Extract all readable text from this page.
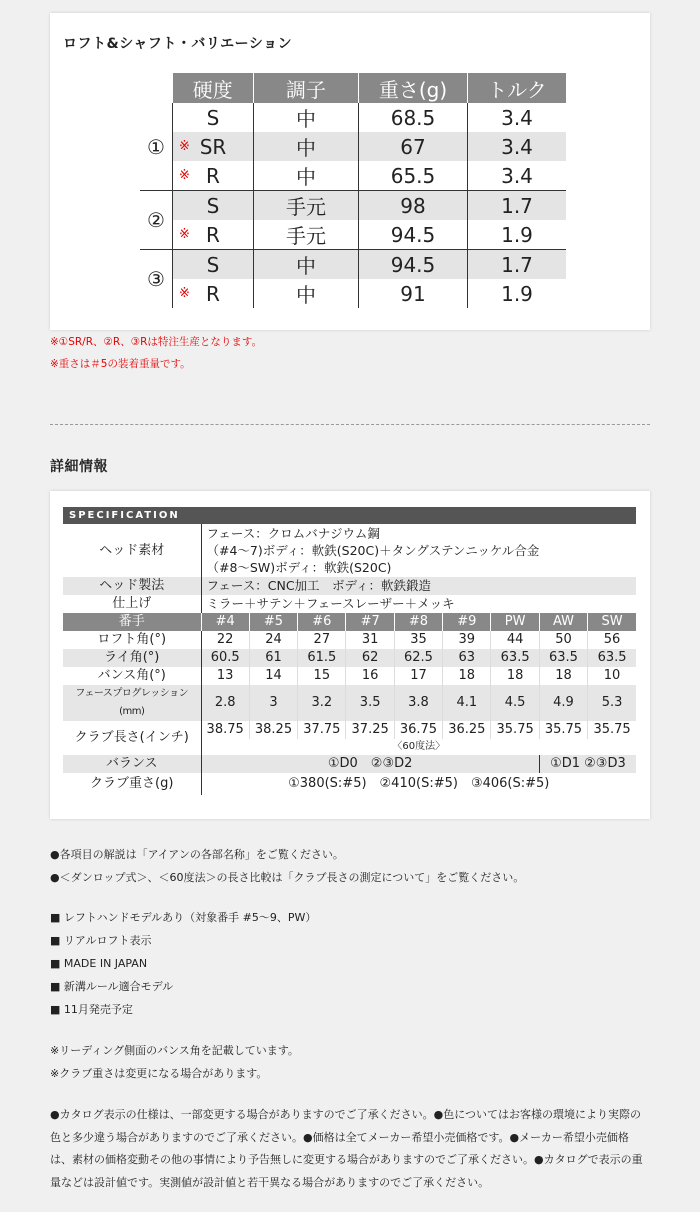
ロフト&シャフト・バリエーション
	硬度	調子	重さ(g)	トルク
①	S	中	68.5	3.4

	※ SR	中	67	3.4

	※ R	中	65.5	3.4
②	S	手元	98	1.7

	※ R	手元	94.5	1.9
③	S	中	94.5	1.7

	※ R	中	91	1.9
※①SR/R、②R、③Rは特注生産となります。
※重さは＃5の装着重量です。
詳細情報
SPECIFICATION
ヘッド素材	フェース：クロムバナジウム鋼
（#4～7)ボディ：軟鉄(S20C)＋タングステンニッケル合金
（#8～SW)ボディ：軟鉄(S20C)								

ヘッド製法	フェース：CNC加工　ボディ：軟鉄鍛造								
仕上げ	ミラー＋サテン＋フェースレーザー＋メッキ								
番手	#4	#5	#6	#7	#8	#9	PW	AW	SW
ロフト角(°)	22	24	27	31	35	39	44	50	56
ライ角(°)	60.5	61	61.5	62	62.5	63	63.5	63.5	63.5
バンス角(°)	13	14	15	16	17	18	18	18	10
フェースプログレッション(mm)	2.8	3	3.2	3.5	3.8	4.1	4.5	4.9	5.3
クラブ長さ(インチ)	38.75	38.25	37.75	37.25	36.75	36.25	35.75	35.75	35.75
	〈60度法〉								
バランス	①D0　②③D2							①D1 ②③D3	
クラブ重さ(g)	①380(S:#5)　②410(S:#5)　③406(S:#5)								
●各項目の解説は「アイアンの各部名称」をご覧ください。
●＜ダンロップ式＞、＜60度法＞の長さ比較は「クラブ長さの測定について」をご覧ください。
■ レフトハンドモデルあり（対象番手 #5～9、PW）
■ リアルロフト表示
■ MADE IN JAPAN
■ 新溝ルール適合モデル
■ 11月発売予定
※リーディング側面のバンス角を記載しています。
※クラブ重さは変更になる場合があります。
●カタログ表示の仕様は、一部変更する場合がありますのでご了承ください。●色についてはお客様の環境により実際の色と多少違う場合がありますのでご了承ください。●価格は全てメーカー希望小売価格です。●メーカー希望小売価格は、素材の価格変動その他の事情により予告無しに変更する場合がありますのでご了承ください。●カタログで表示の重量などは設計値です。実測値が設計値と若干異なる場合がありますのでご了承ください。
